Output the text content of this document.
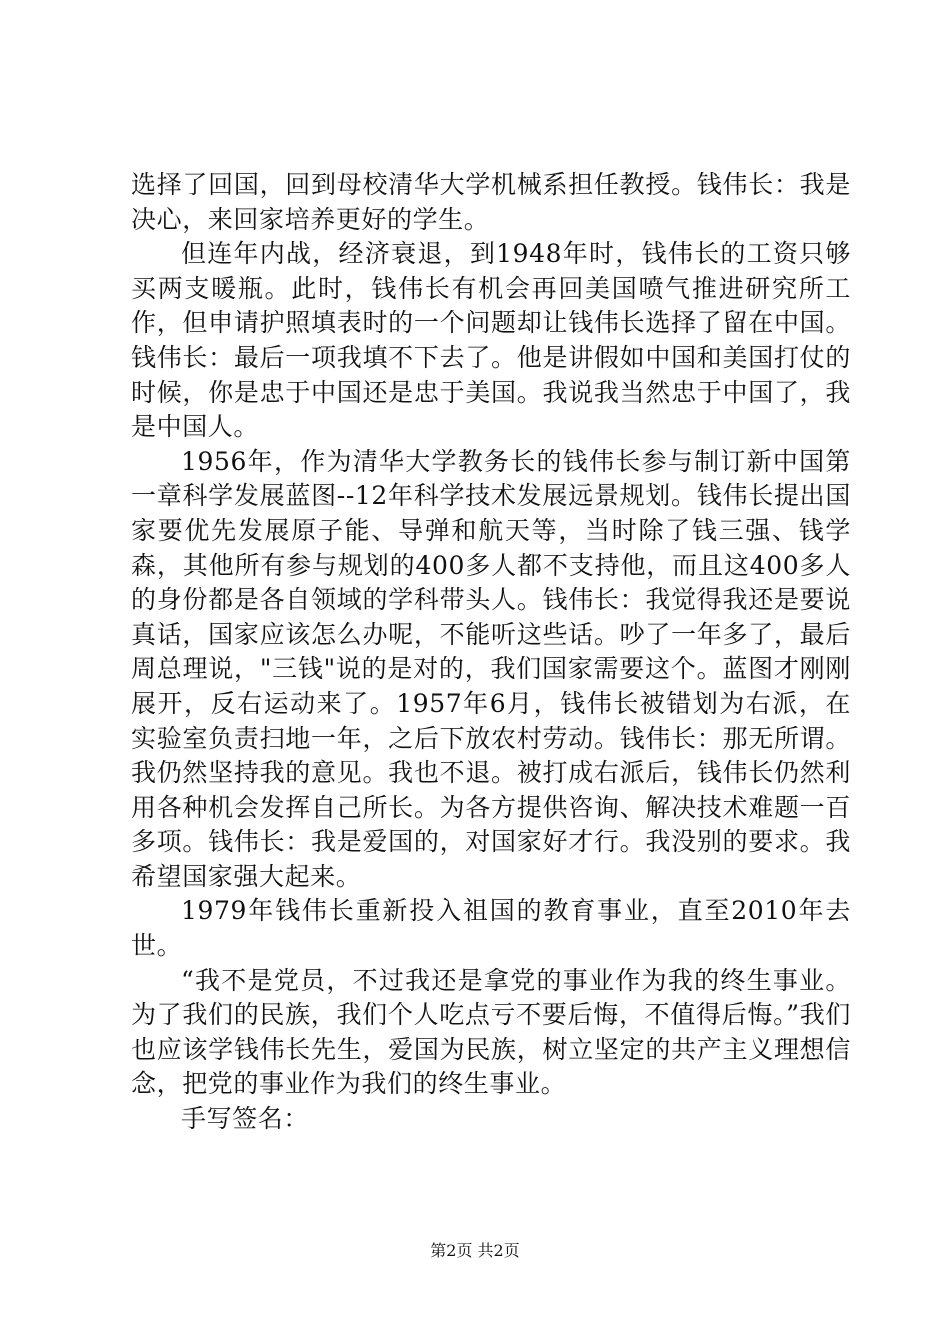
选择了回国，回到母校清华大学机械系担任教授。钱伟长：我是决心，来回家培养更好的学生。

但连年内战，经济衰退，到1948年时，钱伟长的工资只够买两支暖瓶。此时，钱伟长有机会再回美国喷气推进研究所工作，但申请护照填表时的一个问题却让钱伟长选择了留在中国。钱伟长：最后一项我填不下去了。他是讲假如中国和美国打仗的时候，你是忠于中国还是忠于美国。我说我当然忠于中国了，我是中国人。

1956年，作为清华大学教务长的钱伟长参与制订新中国第一章科学发展蓝图--12年科学技术发展远景规划。钱伟长提出国家要优先发展原子能、导弹和航天等，当时除了钱三强、钱学森，其他所有参与规划的400多人都不支持他，而且这400多人的身份都是各自领域的学科带头人。钱伟长：我觉得我还是要说真话，国家应该怎么办呢，不能听这些话。吵了一年多了，最后周总理说，"三钱"说的是对的，我们国家需要这个。蓝图才刚刚展开，反右运动来了。1957年6月，钱伟长被错划为右派，在实验室负责扫地一年，之后下放农村劳动。钱伟长：那无所谓。我仍然坚持我的意见。我也不退。被打成右派后，钱伟长仍然利用各种机会发挥自己所长。为各方提供咨询、解决技术难题一百多项。钱伟长：我是爱国的，对国家好才行。我没别的要求。我希望国家强大起来。

1979年钱伟长重新投入祖国的教育事业，直至2010年去世。

“我不是党员，不过我还是拿党的事业作为我的终生事业。为了我们的民族，我们个人吃点亏不要后悔，不值得后悔。”我们也应该学钱伟长先生，爱国为民族，树立坚定的共产主义理想信念，把党的事业作为我们的终生事业。

手写签名：

第2页 共2页
